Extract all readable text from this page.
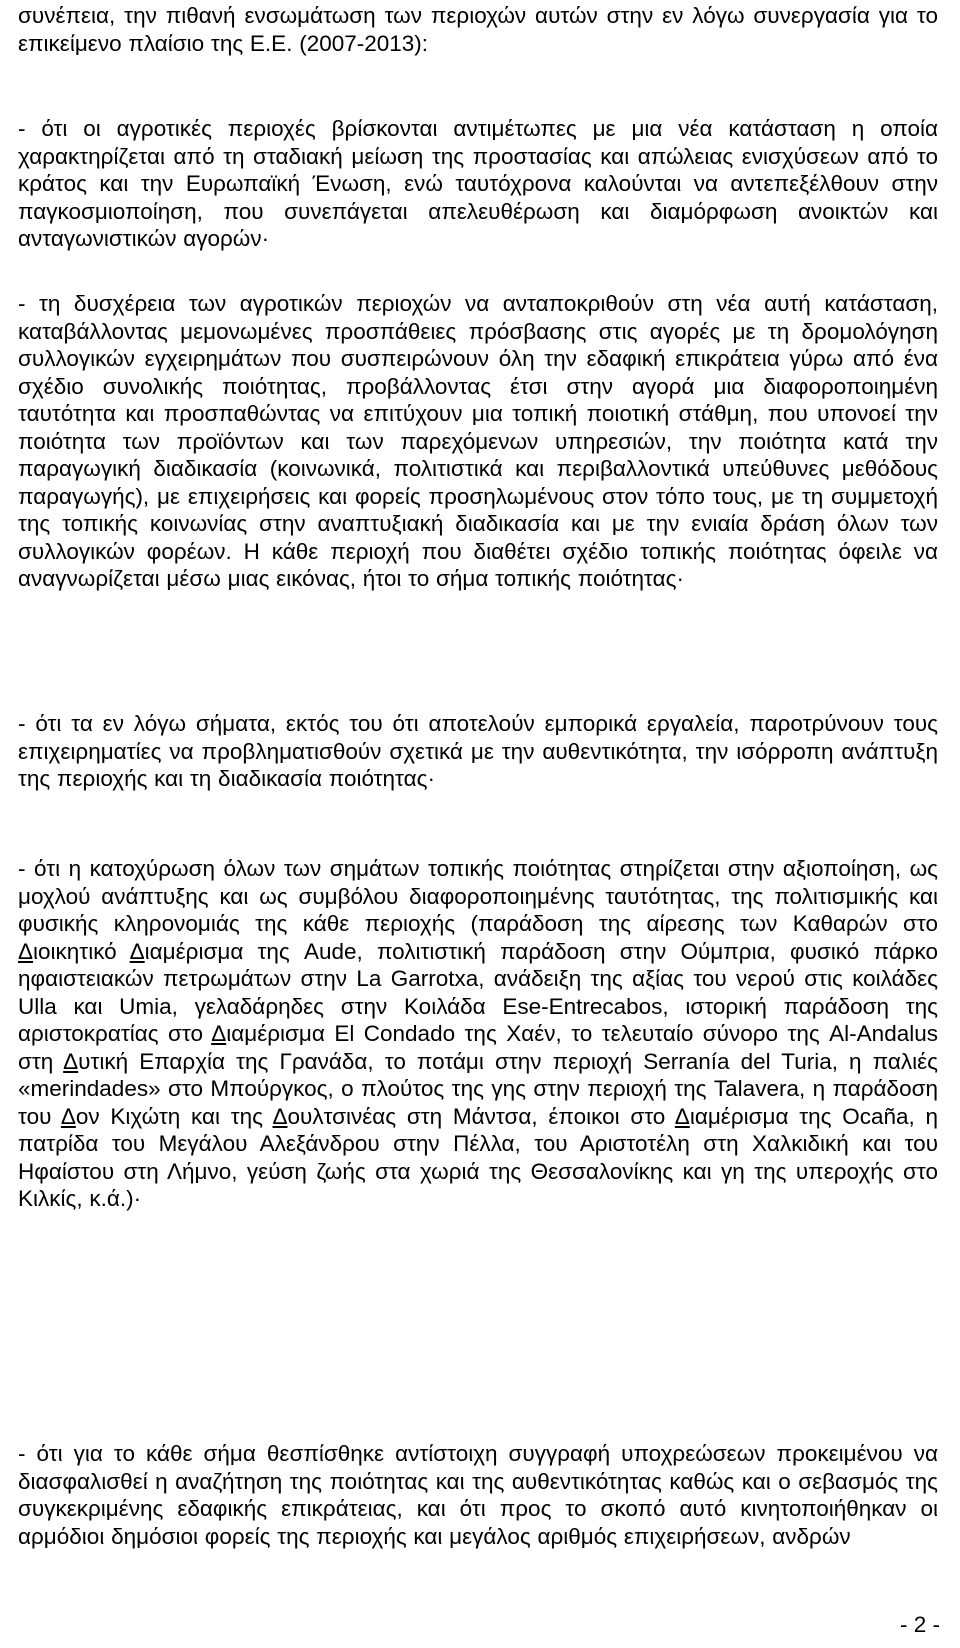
συνέπεια, την πιθανή ενσωμάτωση των περιοχών αυτών στην εν λόγω συνεργασία για το επικείμενο πλαίσιο της Ε.Ε. (2007-2013):

- ότι οι αγροτικές περιοχές βρίσκονται αντιμέτωπες με μια νέα κατάσταση η οποία χαρακτηρίζεται από τη σταδιακή μείωση της προστασίας και απώλειας ενισχύσεων από το κράτος και την Ευρωπαϊκή Ένωση, ενώ ταυτόχρονα καλούνται να αντεπεξέλθουν στην παγκοσμιοποίηση, που συνεπάγεται απελευθέρωση και διαμόρφωση ανοικτών και ανταγωνιστικών αγορών·

- τη δυσχέρεια των αγροτικών περιοχών να ανταποκριθούν στη νέα αυτή κατάσταση, καταβάλλοντας μεμονωμένες προσπάθειες πρόσβασης στις αγορές με τη δρομολόγηση συλλογικών εγχειρημάτων που συσπειρώνουν όλη την εδαφική επικράτεια γύρω από ένα σχέδιο συνολικής ποιότητας, προβάλλοντας έτσι στην αγορά μια διαφοροποιημένη ταυτότητα και προσπαθώντας να επιτύχουν μια τοπική ποιοτική στάθμη, που υπονοεί την ποιότητα των προϊόντων και των παρεχόμενων υπηρεσιών, την ποιότητα κατά την παραγωγική διαδικασία (κοινωνικά, πολιτιστικά και περιβαλλοντικά υπεύθυνες μεθόδους παραγωγής), με επιχειρήσεις και φορείς προσηλωμένους στον τόπο τους, με τη συμμετοχή της τοπικής κοινωνίας στην αναπτυξιακή διαδικασία και με την ενιαία δράση όλων των συλλογικών φορέων. Η κάθε περιοχή που διαθέτει σχέδιο τοπικής ποιότητας όφειλε να αναγνωρίζεται μέσω μιας εικόνας, ήτοι το σήμα τοπικής ποιότητας·

- ότι τα εν λόγω σήματα, εκτός του ότι αποτελούν εμπορικά εργαλεία, παροτρύνουν τους επιχειρηματίες να προβληματισθούν σχετικά με την αυθεντικότητα, την ισόρροπη ανάπτυξη της περιοχής και τη διαδικασία ποιότητας·

- ότι η κατοχύρωση όλων των σημάτων τοπικής ποιότητας στηρίζεται στην αξιοποίηση, ως μοχλού ανάπτυξης και ως συμβόλου διαφοροποιημένης ταυτότητας, της πολιτισμικής και φυσικής κληρονομιάς της κάθε περιοχής (παράδοση της αίρεσης των Καθαρών στο Διοικητικό Διαμέρισμα της Aude, πολιτιστική παράδοση στην Ούμπρια, φυσικό πάρκο ηφαιστειακών πετρωμάτων στην La Garrotxa, ανάδειξη της αξίας του νερού στις κοιλάδες Ulla και Umia, γελαδάρηδες στην Κοιλάδα Ese-Entrecabos, ιστορική παράδοση της αριστοκρατίας στο Διαμέρισμα El Condado της Χαέν, το τελευταίο σύνορο της Al-Andalus στη Δυτική Επαρχία της Γρανάδα, το ποτάμι στην περιοχή Serranía del Turia, η παλιές «merindades» στο Μπούργκος, ο πλούτος της γης στην περιοχή της Talavera, η παράδοση του Δον Κιχώτη και της Δουλτσινέας στη Μάντσα, έποικοι στο Διαμέρισμα της Ocaña, η πατρίδα του Μεγάλου Αλεξάνδρου στην Πέλλα, του Αριστοτέλη στη Χαλκιδική και του Ηφαίστου στη Λήμνο, γεύση ζωής στα χωριά της Θεσσαλονίκης και γη της υπεροχής στο Κιλκίς, κ.ά.)·

- ότι για το κάθε σήμα θεσπίσθηκε αντίστοιχη συγγραφή υποχρεώσεων προκειμένου να διασφαλισθεί η αναζήτηση της ποιότητας και της αυθεντικότητας καθώς και ο σεβασμός της συγκεκριμένης εδαφικής επικράτειας, και ότι προς το σκοπό αυτό κινητοποιήθηκαν οι αρμόδιοι δημόσιοι φορείς της περιοχής και μεγάλος αριθμός επιχειρήσεων, ανδρών

- 2 -
